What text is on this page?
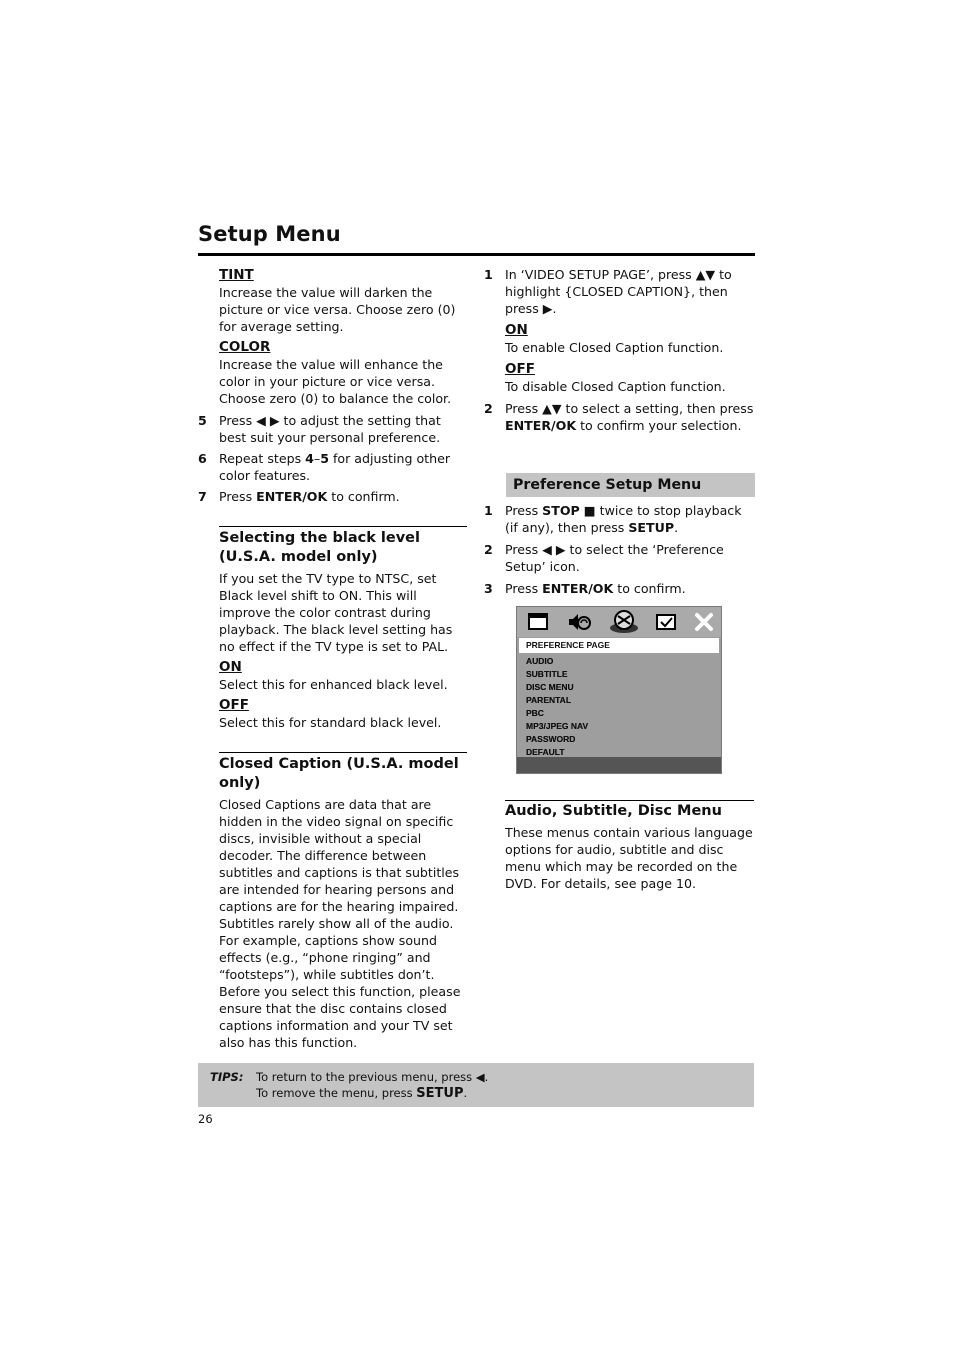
Setup Menu

TINT

Increase the value will darken the picture or vice versa. Choose zero (0) for average setting.

COLOR

Increase the value will enhance the color in your picture or vice versa. Choose zero (0) to balance the color.

5 Press ◀ ▶ to adjust the setting that best suit your personal preference.

6 Repeat steps 4–5 for adjusting other color features.

7 Press ENTER/OK to confirm.

Selecting the black level (U.S.A. model only)

If you set the TV type to NTSC, set Black level shift to ON. This will improve the color contrast during playback. The black level setting has no effect if the TV type is set to PAL.

ON

Select this for enhanced black level.

OFF

Select this for standard black level.

Closed Caption (U.S.A. model only)

Closed Captions are data that are hidden in the video signal on specific discs, invisible without a special decoder. The difference between subtitles and captions is that subtitles are intended for hearing persons and captions are for the hearing impaired. Subtitles rarely show all of the audio. For example, captions show sound effects (e.g., “phone ringing” and “footsteps”), while subtitles don’t.

Before you select this function, please ensure that the disc contains closed captions information and your TV set also has this function.

1 In ‘VIDEO SETUP PAGE’, press ▲▼ to highlight {CLOSED CAPTION}, then press ▶.

ON

To enable Closed Caption function.

OFF

To disable Closed Caption function.

2 Press ▲▼ to select a setting, then press ENTER/OK to confirm your selection.

Preference Setup Menu

1 Press STOP ■ twice to stop playback (if any), then press SETUP.

2 Press ◀ ▶ to select the ‘Preference Setup’ icon.

3 Press ENTER/OK to confirm.

PREFERENCE PAGE
AUDIO
SUBTITLE
DISC MENU
PARENTAL
PBC
MP3/JPEG NAV
PASSWORD
DEFAULT

Audio, Subtitle, Disc Menu

These menus contain various language options for audio, subtitle and disc menu which may be recorded on the DVD. For details, see page 10.

TIPS: To return to the previous menu, press ◀.
To remove the menu, press SETUP.
26
